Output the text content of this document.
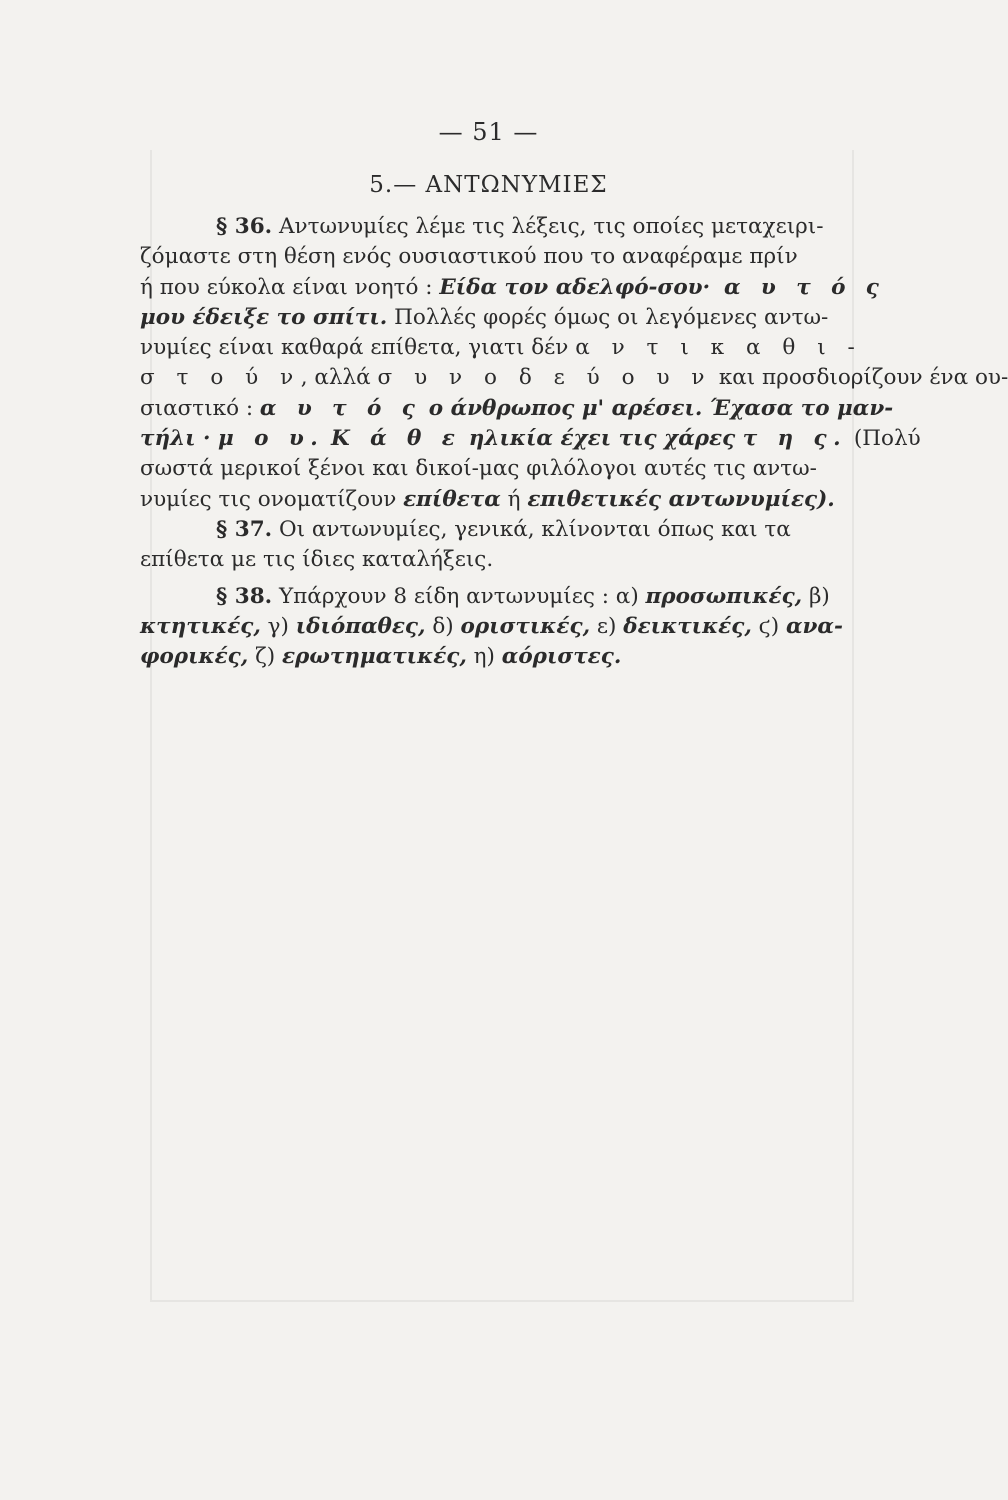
— 51 —
5.— ΑΝΤΩΝΥΜΙΕΣ
§ 36. Αντωνυμίες λέμε τις λέξεις, τις οποίες μεταχειρι-
ζόμαστε στη θέση ενός ουσιαστικού που το αναφέραμε πρίν
ή που εύκολα είναι νοητό : Είδα τον αδελφό-σου· α υ τ ό ς
μου έδειξε το σπίτι. Πολλές φορές όμως οι λεγόμενες αντω-
νυμίες είναι καθαρά επίθετα, γιατι δέν α ν τ ι κ α θ ι -
σ τ ο ύ ν, αλλά σ υ ν ο δ ε ύ ο υ ν και προσδιορίζουν ένα ου-
σιαστικό : α υ τ ό ς ο άνθρωπος μ' αρέσει. Έχασα το μαν-
τήλι · μ ο υ. Κ ά θ ε ηλικία έχει τις χάρες τ η ς. (Πολύ
σωστά μερικοί ξένοι και δικοί-μας φιλόλογοι αυτές τις αντω-
νυμίες τις ονοματίζουν επίθετα ή επιθετικές αντωνυμίες).
§ 37. Οι αντωνυμίες, γενικά, κλίνονται όπως και τα
επίθετα με τις ίδιες καταλήξεις.
§ 38. Υπάρχουν 8 είδη αντωνυμίες : α) προσωπικές, β)
κτητικές, γ) ιδιόπαθες, δ) οριστικές, ε) δεικτικές, ϛ) ανα-
φορικές, ζ) ερωτηματικές, η) αόριστες.
